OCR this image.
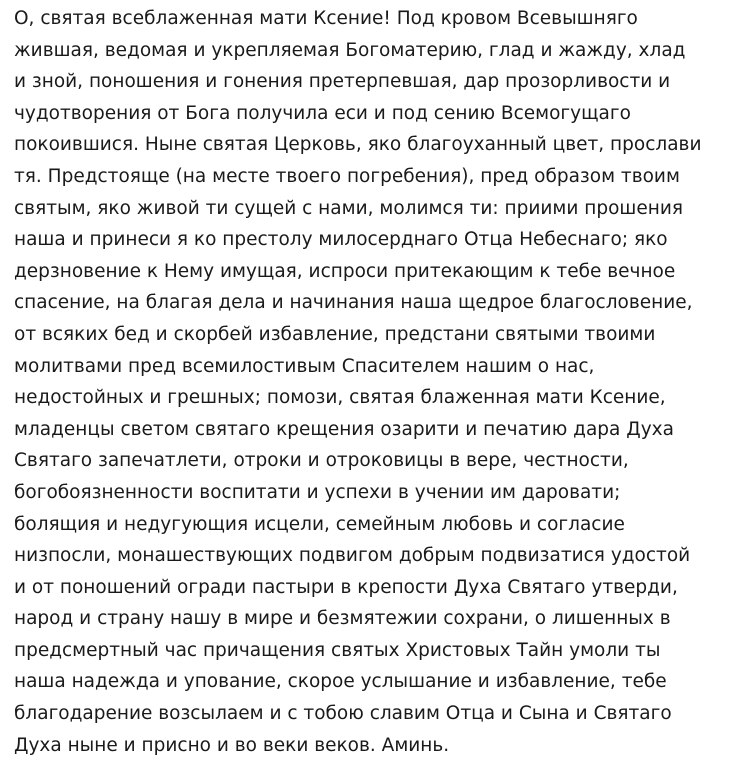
О, святая всеблаженная мати Ксение! Под кровом Всевышняго
жившая, ведомая и укрепляемая Богоматерию, глад и жажду, хлад
и зной, поношения и гонения претерпевшая, дар прозорливости и
чудотворения от Бога получила еси и под сению Всемогущаго
покоившися. Ныне святая Церковь, яко благоуханный цвет, прослави
тя. Предстояще (на месте твоего погребения), пред образом твоим
святым, яко живой ти сущей с нами, молимся ти: приими прошения
наша и принеси я ко престолу милосерднаго Отца Небеснаго; яко
дерзновение к Нему имущая, испроси притекающим к тебе вечное
спасение, на благая дела и начинания наша щедрое благословение,
от всяких бед и скорбей избавление, предстани святыми твоими
молитвами пред всемилостивым Спасителем нашим о нас,
недостойных и грешных; помози, святая блаженная мати Ксение,
младенцы светом святаго крещения озарити и печатию дара Духа
Святаго запечатлети, отроки и отроковицы в вере, честности,
богобоязненности воспитати и успехи в учении им даровати;
болящия и недугующия исцели, семейным любовь и согласие
низпосли, монашествующих подвигом добрым подвизатися удостой
и от поношений огради пастыри в крепости Духа Святаго утверди,
народ и страну нашу в мире и безмятежии сохрани, о лишенных в
предсмертный час причащения святых Христовых Тайн умоли ты
наша надежда и упование, скорое услышание и избавление, тебе
благодарение возсылаем и с тобою славим Отца и Сына и Святаго
Духа ныне и присно и во веки веков. Аминь.
